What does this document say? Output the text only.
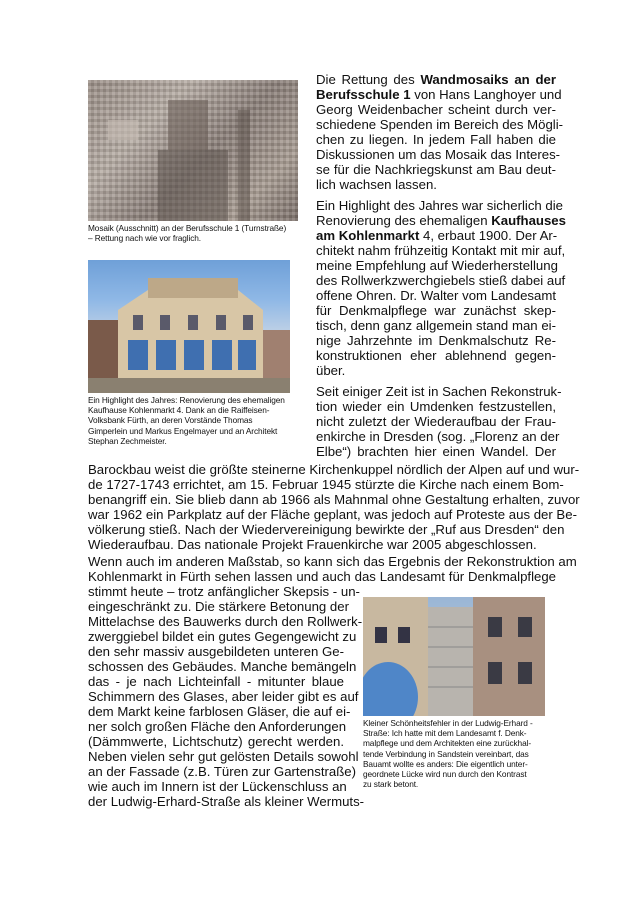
Mosaik (Ausschnitt) an der Berufsschule 1 (Turnstraße)
– Rettung nach wie vor fraglich.
Ein Highlight des Jahres: Renovierung des ehemaligen
Kaufhause Kohlenmarkt 4. Dank an die Raiffeisen-
Volksbank Fürth, an deren Vorstände Thomas
Gimperlein und Markus Engelmayer und an Architekt
Stephan Zechmeister.
Kleiner Schönheitsfehler in der Ludwig-Erhard -
Straße: Ich hatte mit dem Landesamt f. Denk-
malpflege und dem Architekten eine zurückhal-
tende Verbindung in Sandstein vereinbart, das
Bauamt wollte es anders: Die eigentlich unter-
geordnete Lücke wird nun durch den Kontrast
zu stark betont.
Die Rettung des Wandmosaiks an der
Berufsschule 1 von Hans Langhoyer und
Georg Weidenbacher scheint durch ver-
schiedene Spenden im Bereich des Mögli-
chen zu liegen. In jedem Fall haben die
Diskussionen um das Mosaik das Interes-
se für die Nachkriegskunst am Bau deut-
lich wachsen lassen.
Ein Highlight des Jahres war sicherlich die
Renovierung des ehemaligen Kaufhauses
am Kohlenmarkt 4, erbaut 1900. Der Ar-
chitekt nahm frühzeitig Kontakt mit mir auf,
meine Empfehlung auf Wiederherstellung
des Rollwerkzwerchgiebels stieß dabei auf
offene Ohren. Dr. Walter vom Landesamt
für Denkmalpflege war zunächst skep-
tisch, denn ganz allgemein stand man ei-
nige Jahrzehnte im Denkmalschutz Re-
konstruktionen eher ablehnend gegen-
über.
Seit einiger Zeit ist in Sachen Rekonstruk-
tion wieder ein Umdenken festzustellen,
nicht zuletzt der Wiederaufbau der Frau-
enkirche in Dresden (sog. „Florenz an der
Elbe“) brachten hier einen Wandel. Der
Barockbau weist die größte steinerne Kirchenkuppel nördlich der Alpen auf und wur-
de 1727-1743 errichtet, am 15. Februar 1945 stürzte die Kirche nach einem Bom-
benangriff ein. Sie blieb dann ab 1966 als Mahnmal ohne Gestaltung erhalten, zuvor
war 1962 ein Parkplatz auf der Fläche geplant, was jedoch auf Proteste aus der Be-
völkerung stieß. Nach der Wiedervereinigung bewirkte der „Ruf aus Dresden“ den
Wiederaufbau. Das nationale Projekt Frauenkirche war 2005 abgeschlossen.
Wenn auch im anderen Maßstab, so kann sich das Ergebnis der Rekonstruktion am
Kohlenmarkt in Fürth sehen lassen und auch das Landesamt für Denkmalpflege
stimmt heute – trotz anfänglicher Skepsis - un-
eingeschränkt zu. Die stärkere Betonung der
Mittelachse des Bauwerks durch den Rollwerk-
zwerggiebel bildet ein gutes Gegengewicht zu
den sehr massiv ausgebildeten unteren Ge-
schossen des Gebäudes. Manche bemängeln
das - je nach Lichteinfall - mitunter blaue
Schimmern des Glases, aber leider gibt es auf
dem Markt keine farblosen Gläser, die auf ei-
ner solch großen Fläche den Anforderungen
(Dämmwerte, Lichtschutz) gerecht werden.
Neben vielen sehr gut gelösten Details sowohl
an der Fassade (z.B. Türen zur Gartenstraße)
wie auch im Innern ist der Lückenschluss an
der Ludwig-Erhard-Straße als kleiner Wermuts-
